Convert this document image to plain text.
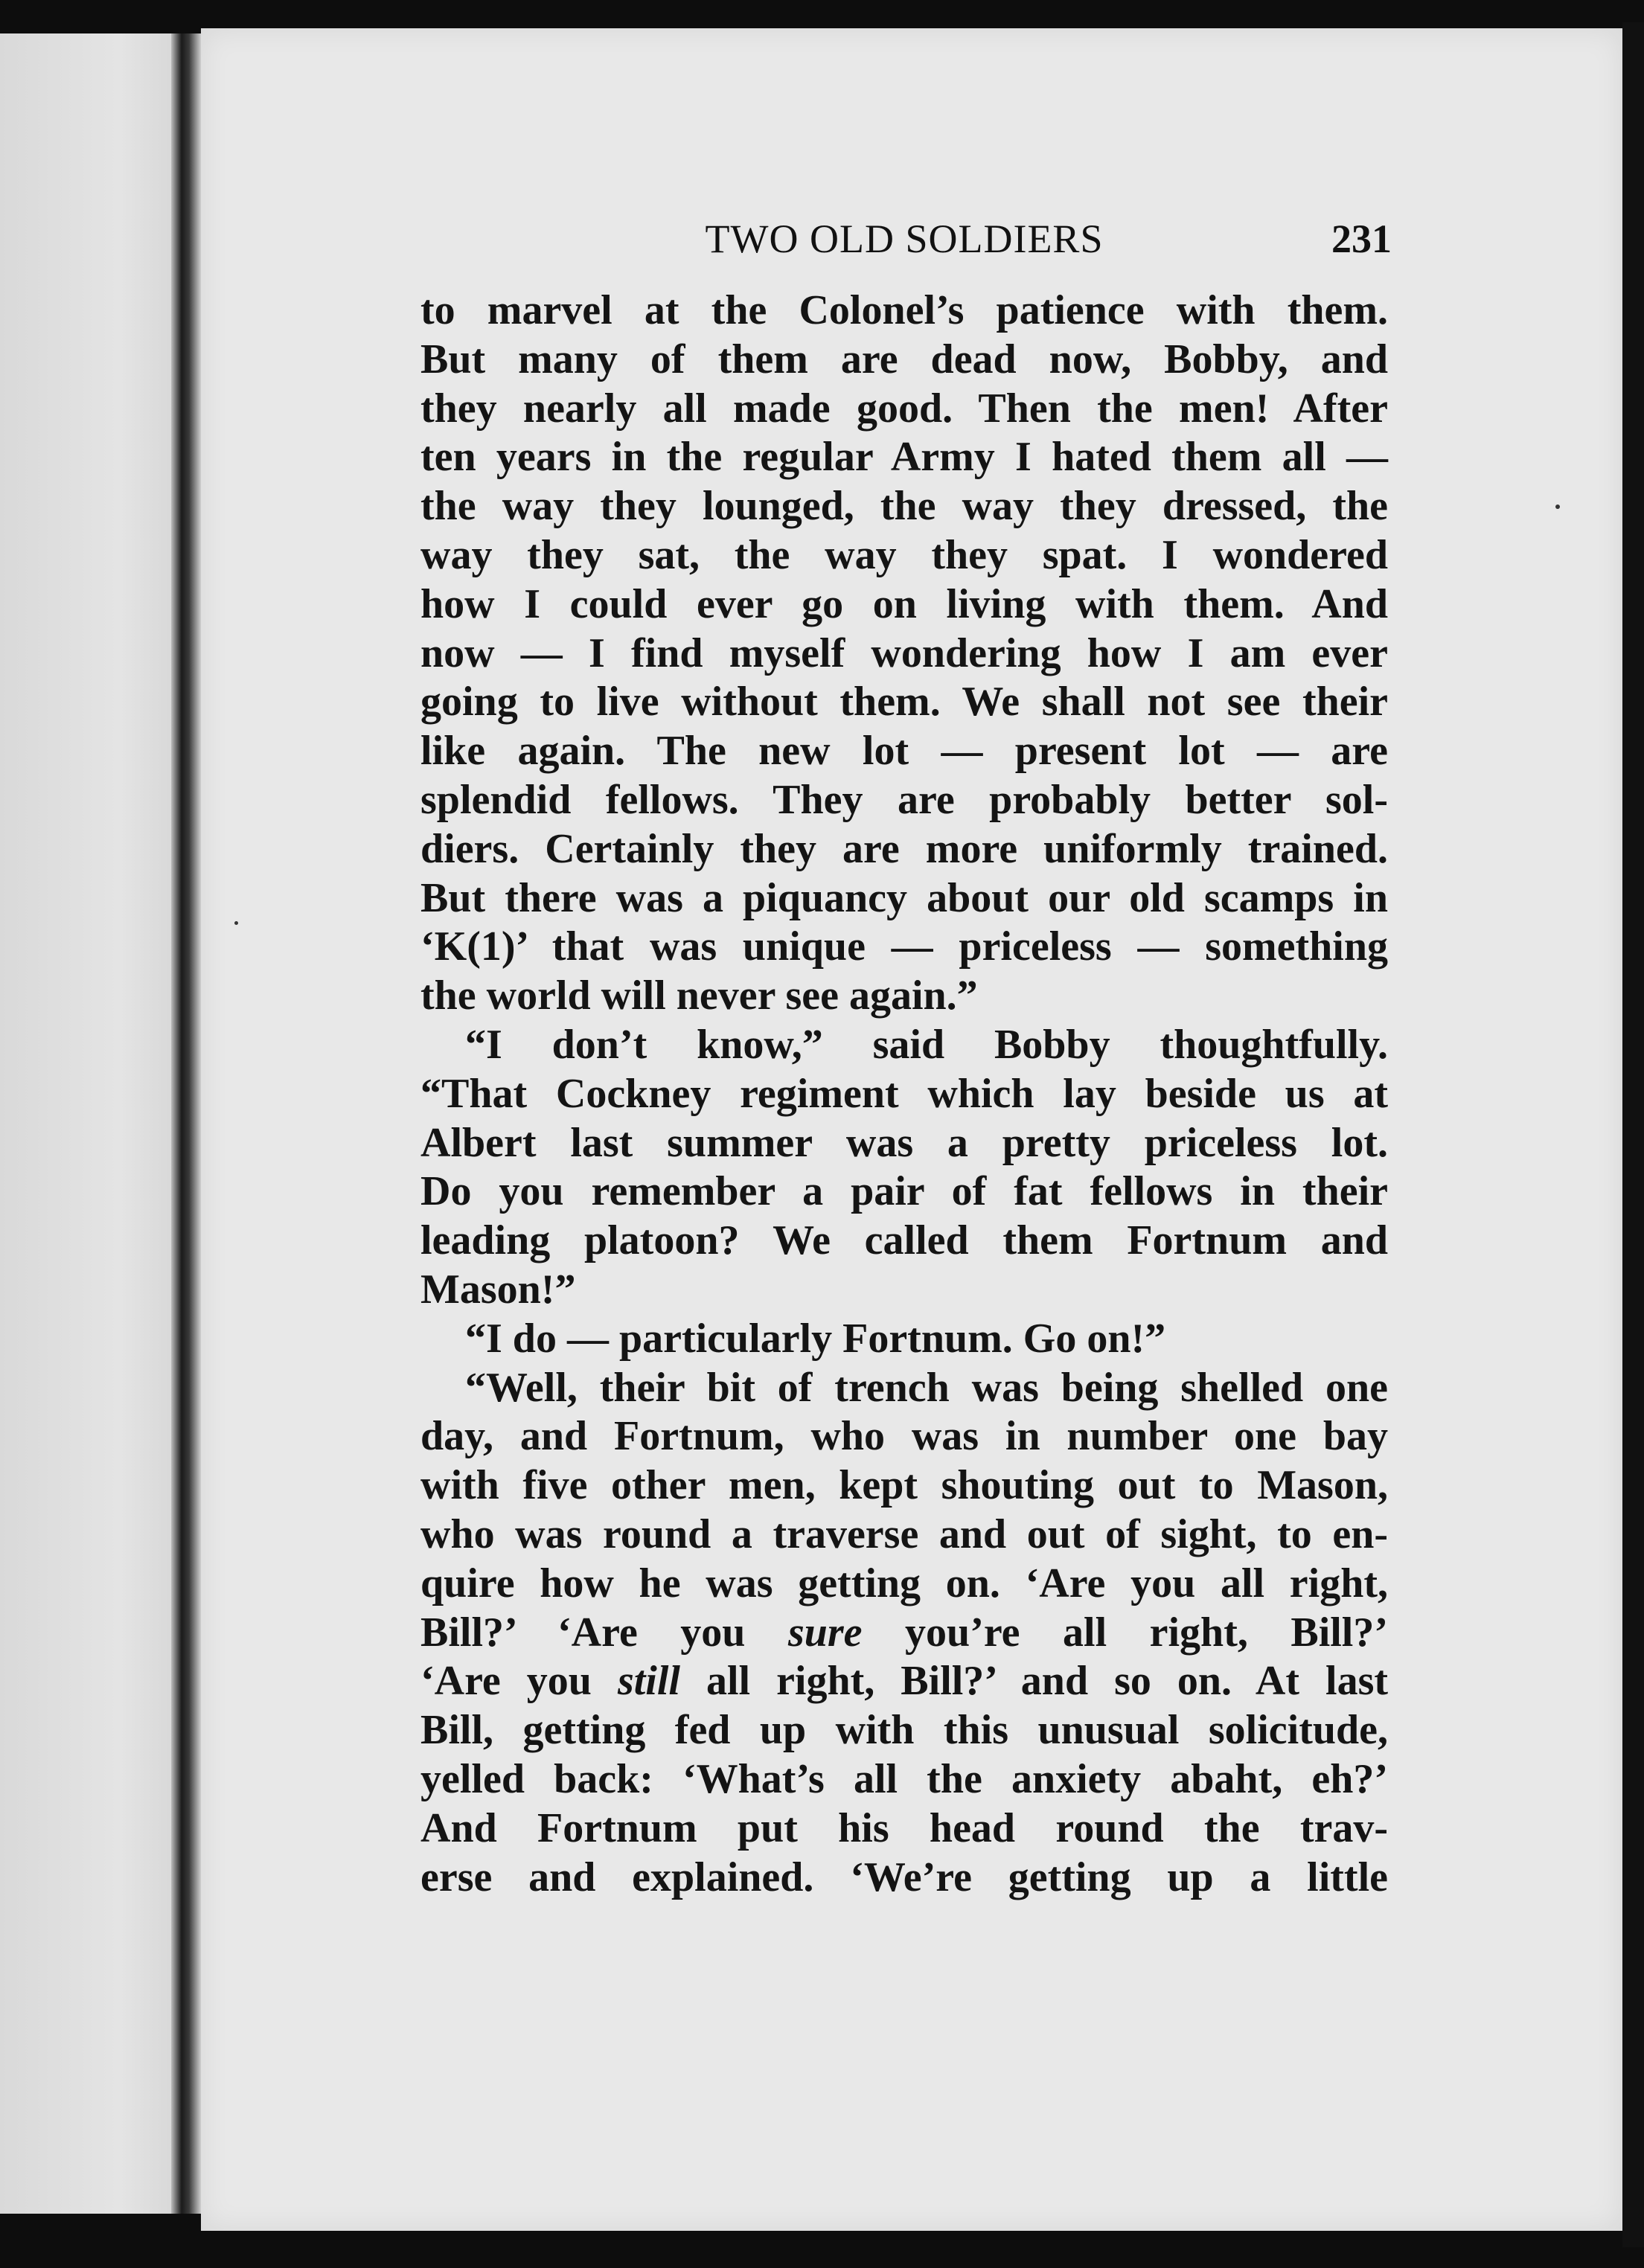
TWO OLD SOLDIERS	231

to marvel at the Colonel’s patience with them.

But many of them are dead now, Bobby, and

they nearly all made good. Then the men! After

ten years in the regular Army I hated them all —

the way they lounged, the way they dressed, the

way they sat, the way they spat. I wondered

how I could ever go on living with them. And

now — I find myself wondering how I am ever

going to live without them. We shall not see their

like again. The new lot — present lot — are

splendid fellows. They are probably better sol-

diers. Certainly they are more uniformly trained.

But there was a piquancy about our old scamps in

‘K(1)’ that was unique — priceless — something

the world will never see again.”

“I don’t know,” said Bobby thoughtfully.

“That Cockney regiment which lay beside us at

Albert last summer was a pretty priceless lot.

Do you remember a pair of fat fellows in their

leading platoon? We called them Fortnum and

Mason!”

“I do — particularly Fortnum. Go on!”

“Well, their bit of trench was being shelled one

day, and Fortnum, who was in number one bay

with five other men, kept shouting out to Mason,

who was round a traverse and out of sight, to en-

quire how he was getting on. ‘Are you all right,

Bill?’ ‘Are you sure you’re all right, Bill?’

‘Are you still all right, Bill?’ and so on. At last

Bill, getting fed up with this unusual solicitude,

yelled back: ‘What’s all the anxiety abaht, eh?’

And Fortnum put his head round the trav-

erse and explained. ‘We’re getting up a little
